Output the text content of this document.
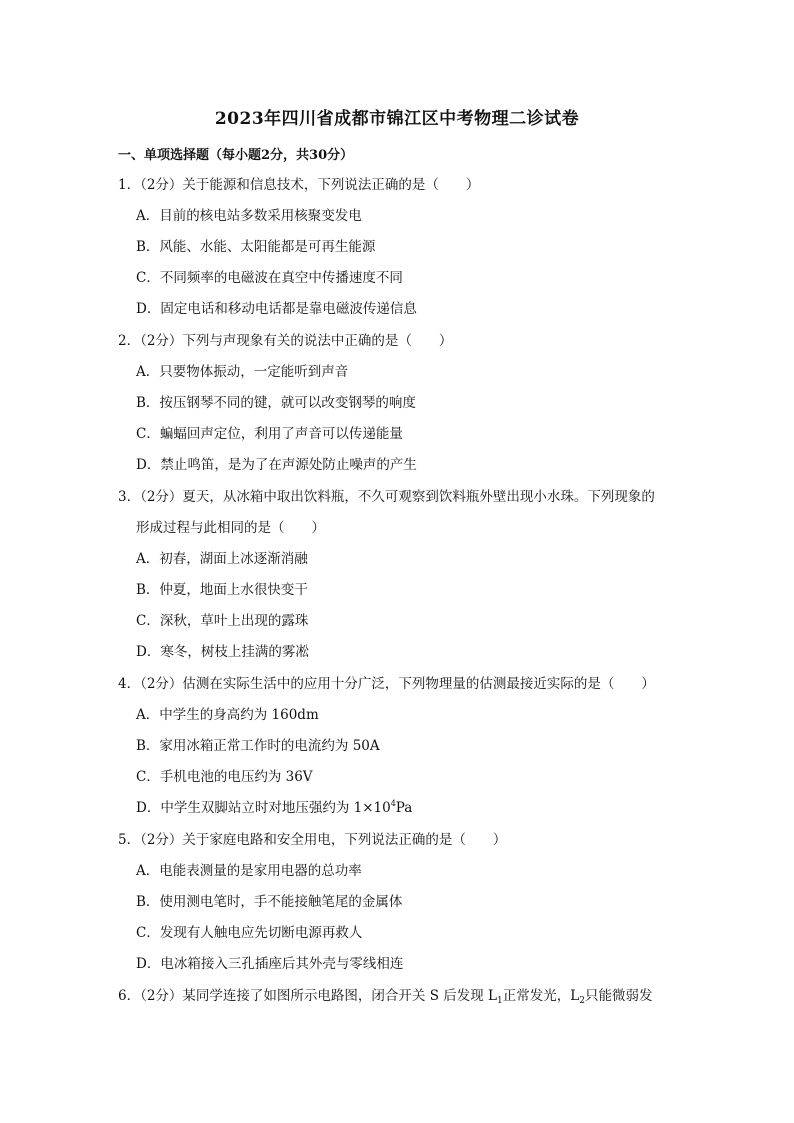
2023年四川省成都市锦江区中考物理二诊试卷
一、单项选择题（每小题2分，共30分）
1．（2分）关于能源和信息技术，下列说法正确的是（　　）
A．目前的核电站多数采用核聚变发电
B．风能、水能、太阳能都是可再生能源
C．不同频率的电磁波在真空中传播速度不同
D．固定电话和移动电话都是靠电磁波传递信息
2．（2分）下列与声现象有关的说法中正确的是（　　）
A．只要物体振动，一定能听到声音
B．按压钢琴不同的键，就可以改变钢琴的响度
C．蝙蝠回声定位，利用了声音可以传递能量
D．禁止鸣笛，是为了在声源处防止噪声的产生
3．（2分）夏天，从冰箱中取出饮料瓶，不久可观察到饮料瓶外壁出现小水珠。下列现象的
形成过程与此相同的是（　　）
A．初春，湖面上冰逐渐消融
B．仲夏，地面上水很快变干
C．深秋，草叶上出现的露珠
D．寒冬，树枝上挂满的雾凇
4．（2分）估测在实际生活中的应用十分广泛，下列物理量的估测最接近实际的是（　　）
A．中学生的身高约为 160dm
B．家用冰箱正常工作时的电流约为 50A
C．手机电池的电压约为 36V
D．中学生双脚站立时对地压强约为 $1\times 10^4Pa$
5．（2分）关于家庭电路和安全用电，下列说法正确的是（　　）
A．电能表测量的是家用电器的总功率
B．使用测电笔时，手不能接触笔尾的金属体
C．发现有人触电应先切断电源再救人
D．电冰箱接入三孔插座后其外壳与零线相连
6．（2分）某同学连接了如图所示电路图，闭合开关 S 后发现 $L_1$正常发光，$L_2$只能微弱发
